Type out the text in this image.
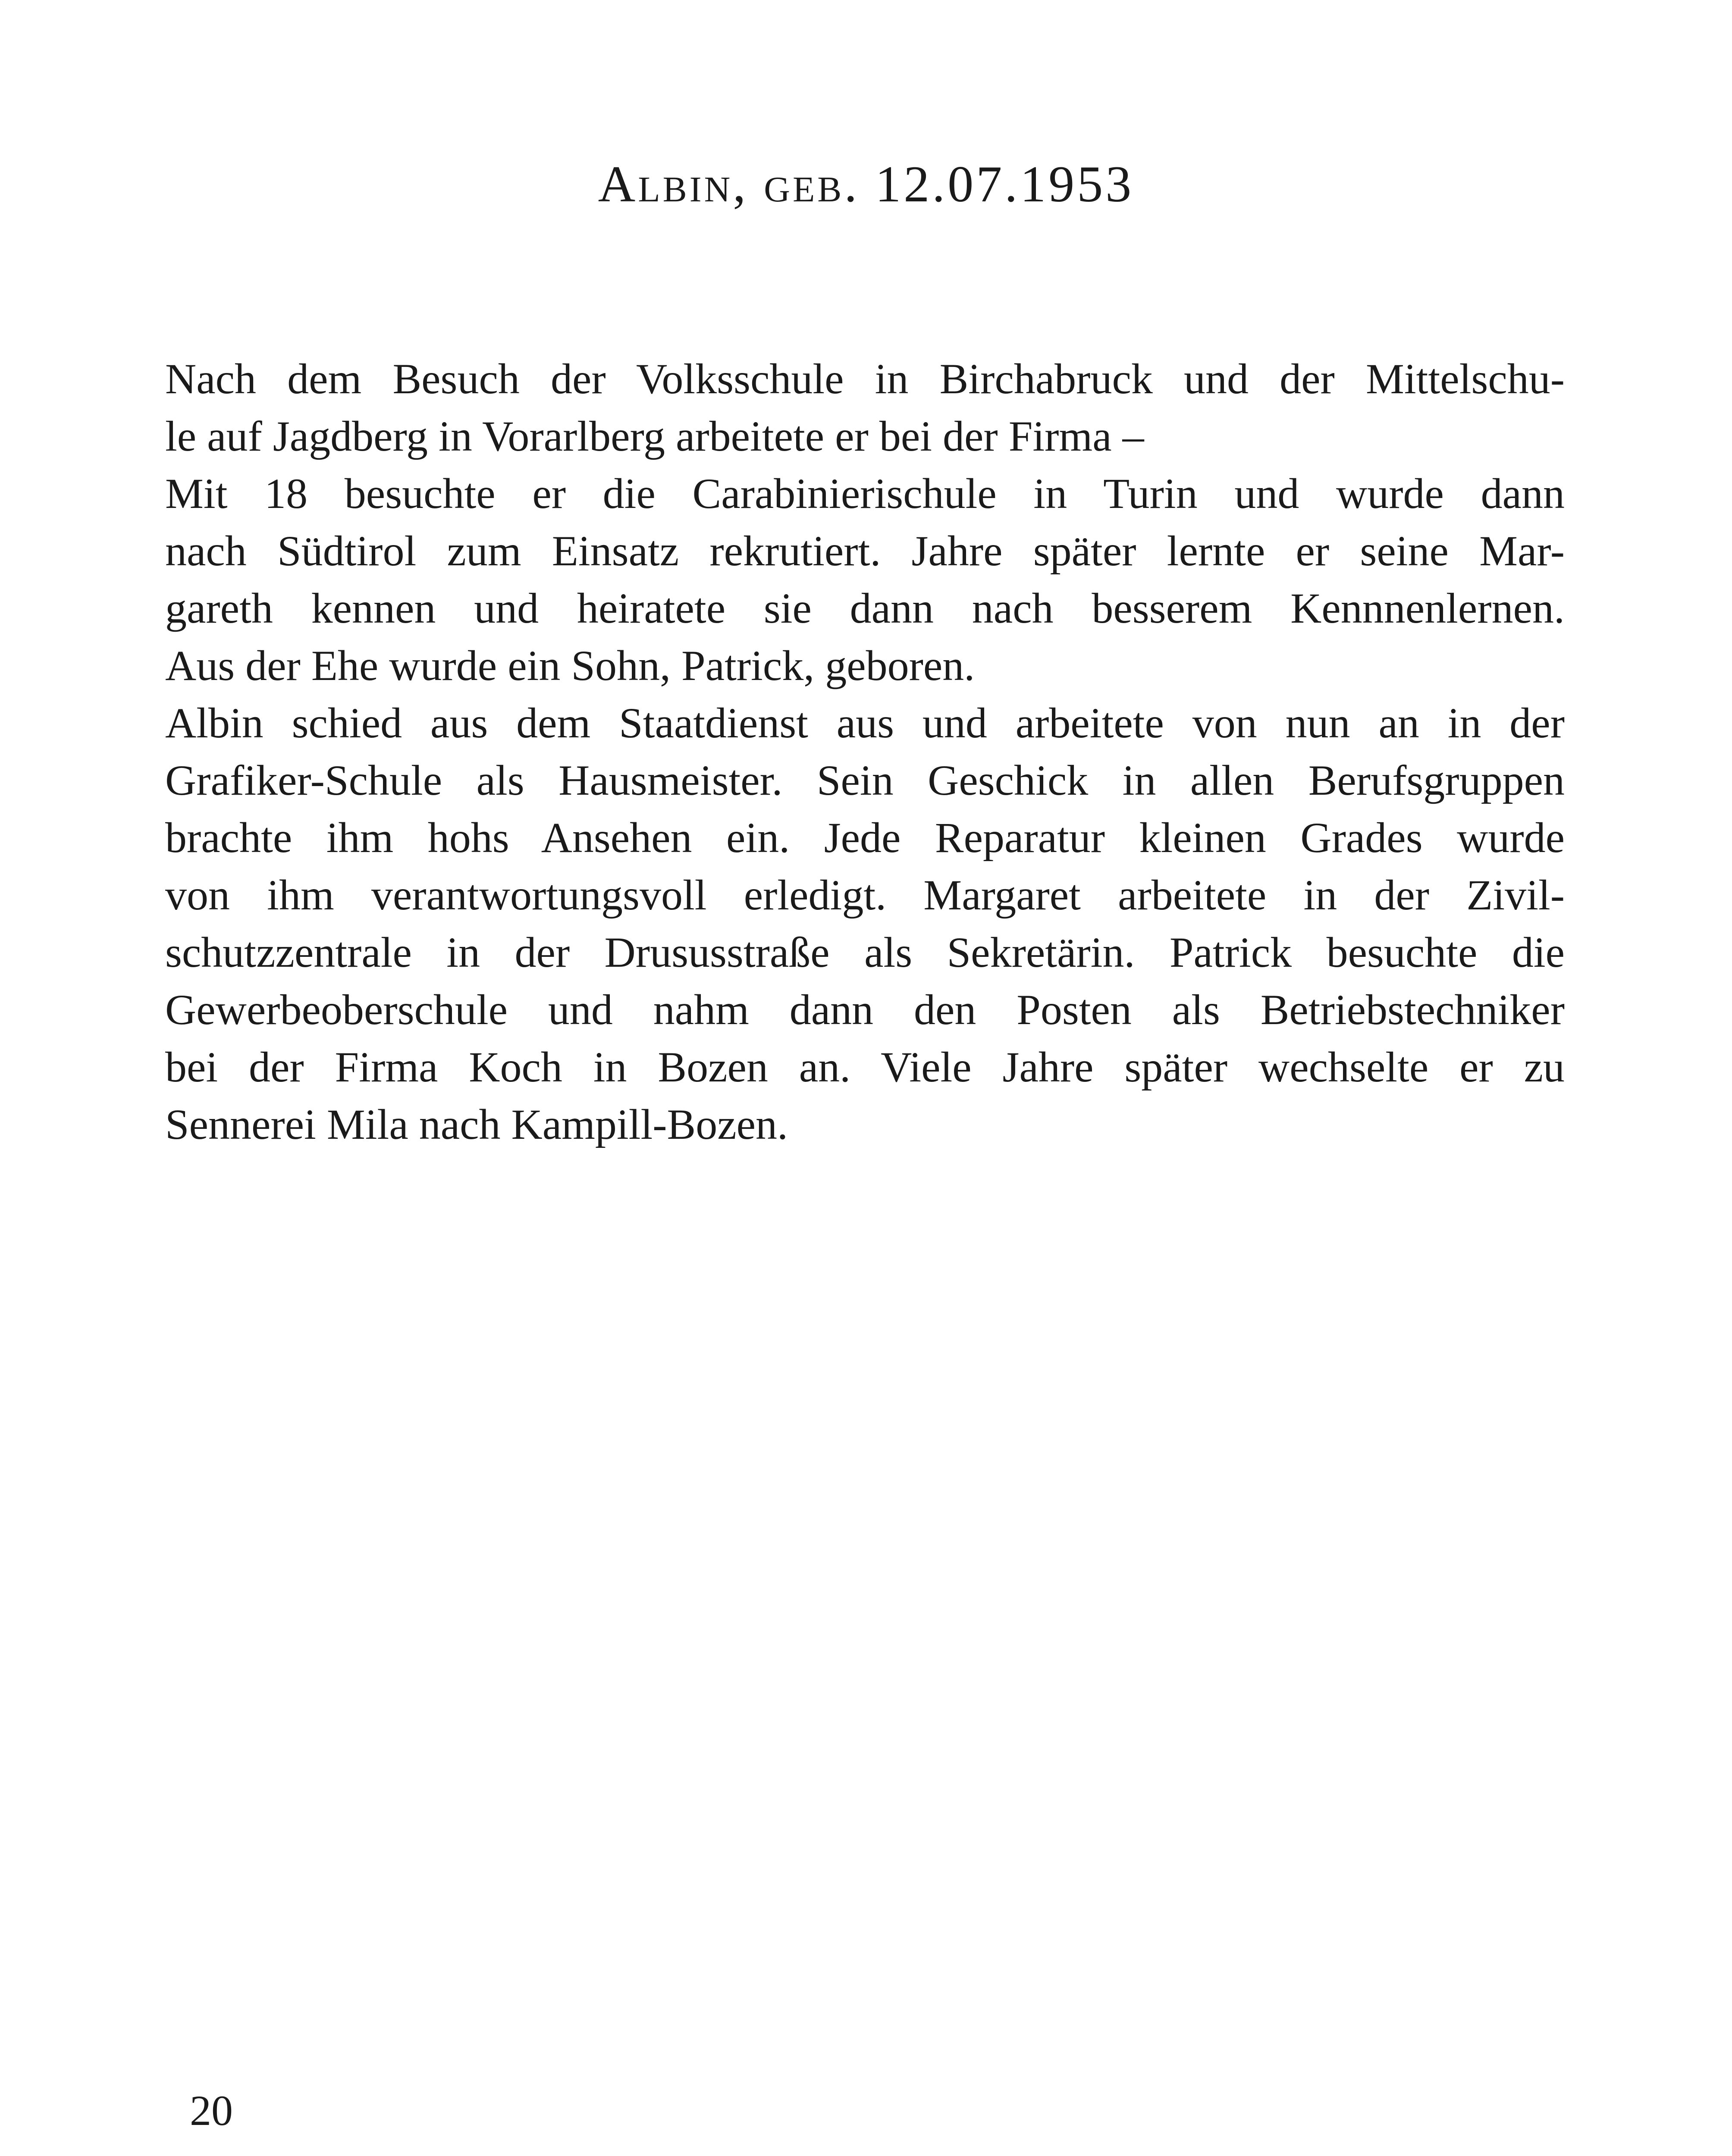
Albin, geb. 12.07.1953

Nach dem Besuch der Volksschule in Birchabruck und der Mittelschu-
le auf Jagdberg in Vorarlberg arbeitete er bei der Firma –

Mit 18 besuchte er die Carabinierischule in Turin und wurde dann
nach Südtirol zum Einsatz rekrutiert. Jahre später lernte er seine Mar-
gareth kennen und heiratete sie dann nach besserem Kennnenlernen.
Aus der Ehe wurde ein Sohn, Patrick, geboren.

Albin schied aus dem Staatdienst aus und arbeitete von nun an in der
Grafiker-Schule als Hausmeister. Sein Geschick in allen Berufsgruppen
brachte ihm hohs Ansehen ein. Jede Reparatur kleinen Grades wurde
von ihm verantwortungsvoll erledigt. Margaret arbeitete in der Zivil-
schutzzentrale in der Drususstraße als Sekretärin. Patrick besuchte die
Gewerbeoberschule und nahm dann den Posten als Betriebstechniker
bei der Firma Koch in Bozen an. Viele Jahre später wechselte er zu
Sennerei Mila nach Kampill-Bozen.

20
